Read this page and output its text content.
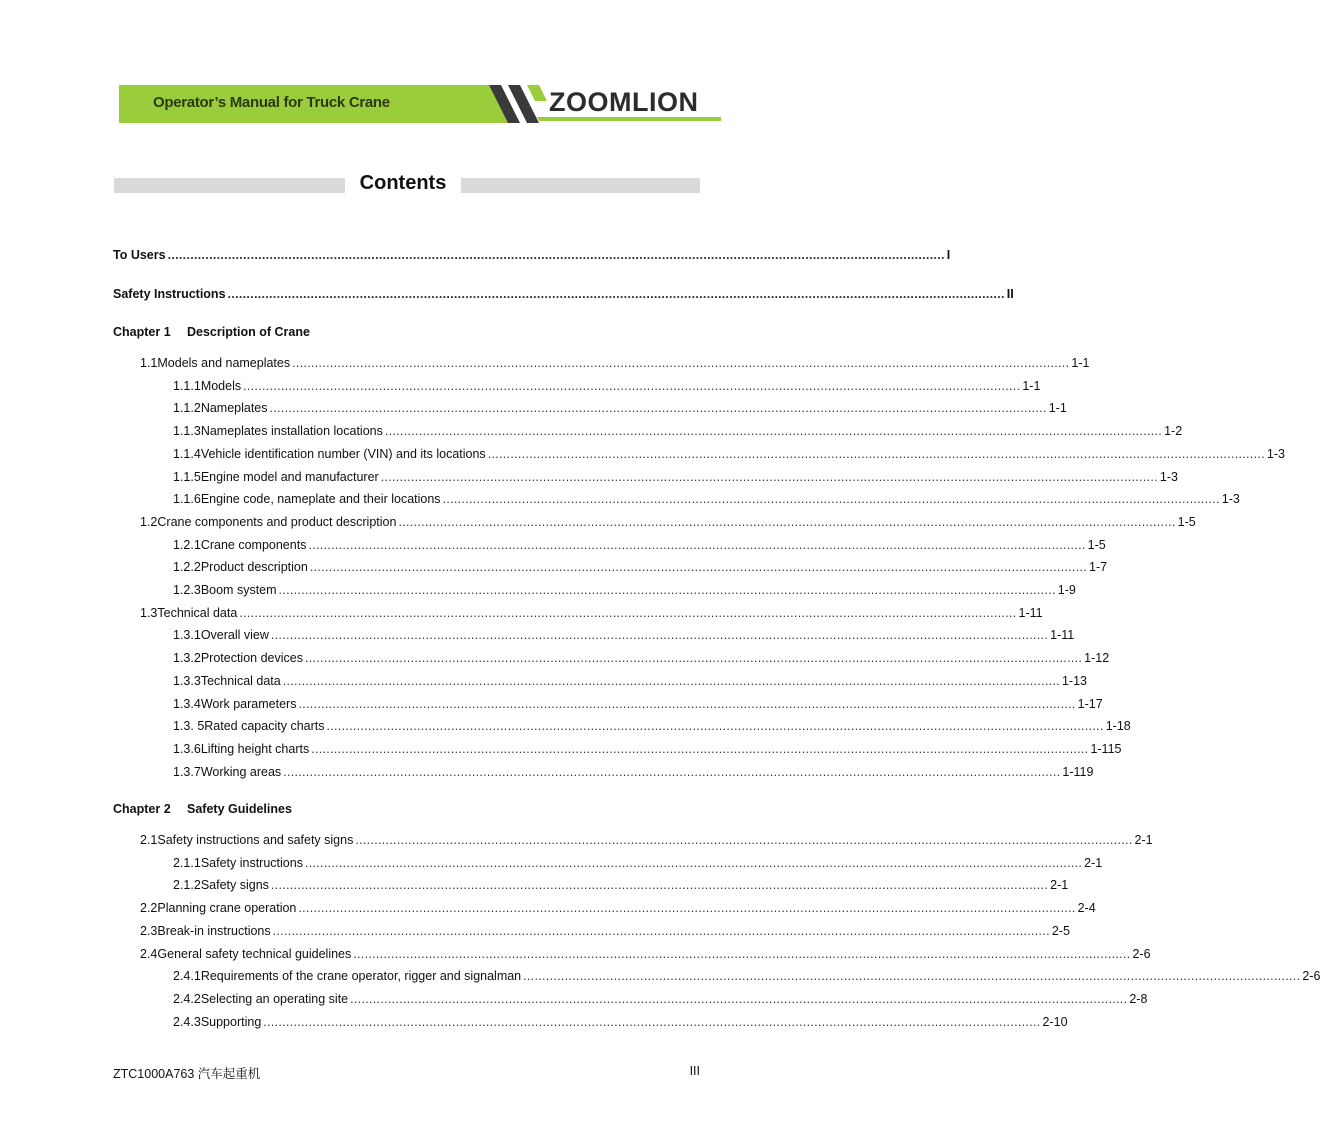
Operator’s Manual for Truck Crane	ZOOMLION
Contents
To Users .............................................................................................................................................................................................................. I
Safety Instructions .............................................................................................................................................................................................................. II
Chapter 1 Description of Crane
1.1 Models and nameplates .............................................................................................................................................................................................................. 1-1
1.1.1 Models .............................................................................................................................................................................................................. 1-1
1.1.2 Nameplates .............................................................................................................................................................................................................. 1-1
1.1.3 Nameplates installation locations .............................................................................................................................................................................................................. 1-2
1.1.4 Vehicle identification number (VIN) and its locations .............................................................................................................................................................................................................. 1-3
1.1.5 Engine model and manufacturer .............................................................................................................................................................................................................. 1-3
1.1.6 Engine code, nameplate and their locations .............................................................................................................................................................................................................. 1-3
1.2 Crane components and product description .............................................................................................................................................................................................................. 1-5
1.2.1 Crane components .............................................................................................................................................................................................................. 1-5
1.2.2 Product description .............................................................................................................................................................................................................. 1-7
1.2.3 Boom system .............................................................................................................................................................................................................. 1-9
1.3 Technical data .............................................................................................................................................................................................................. 1-11
1.3.1 Overall view .............................................................................................................................................................................................................. 1-11
1.3.2 Protection devices .............................................................................................................................................................................................................. 1-12
1.3.3 Technical data .............................................................................................................................................................................................................. 1-13
1.3.4 Work parameters .............................................................................................................................................................................................................. 1-17
1.3. 5 Rated capacity charts .............................................................................................................................................................................................................. 1-18
1.3.6 Lifting height charts .............................................................................................................................................................................................................. 1-115
1.3.7 Working areas .............................................................................................................................................................................................................. 1-119
Chapter 2 Safety Guidelines
2.1 Safety instructions and safety signs .............................................................................................................................................................................................................. 2-1
2.1.1 Safety instructions .............................................................................................................................................................................................................. 2-1
2.1.2 Safety signs .............................................................................................................................................................................................................. 2-1
2.2 Planning crane operation .............................................................................................................................................................................................................. 2-4
2.3 Break-in instructions .............................................................................................................................................................................................................. 2-5
2.4 General safety technical guidelines .............................................................................................................................................................................................................. 2-6
2.4.1 Requirements of the crane operator, rigger and signalman .............................................................................................................................................................................................................. 2-6
2.4.2 Selecting an operating site .............................................................................................................................................................................................................. 2-8
2.4.3 Supporting .............................................................................................................................................................................................................. 2-10
ZTC1000A763 汽车起重机	III
